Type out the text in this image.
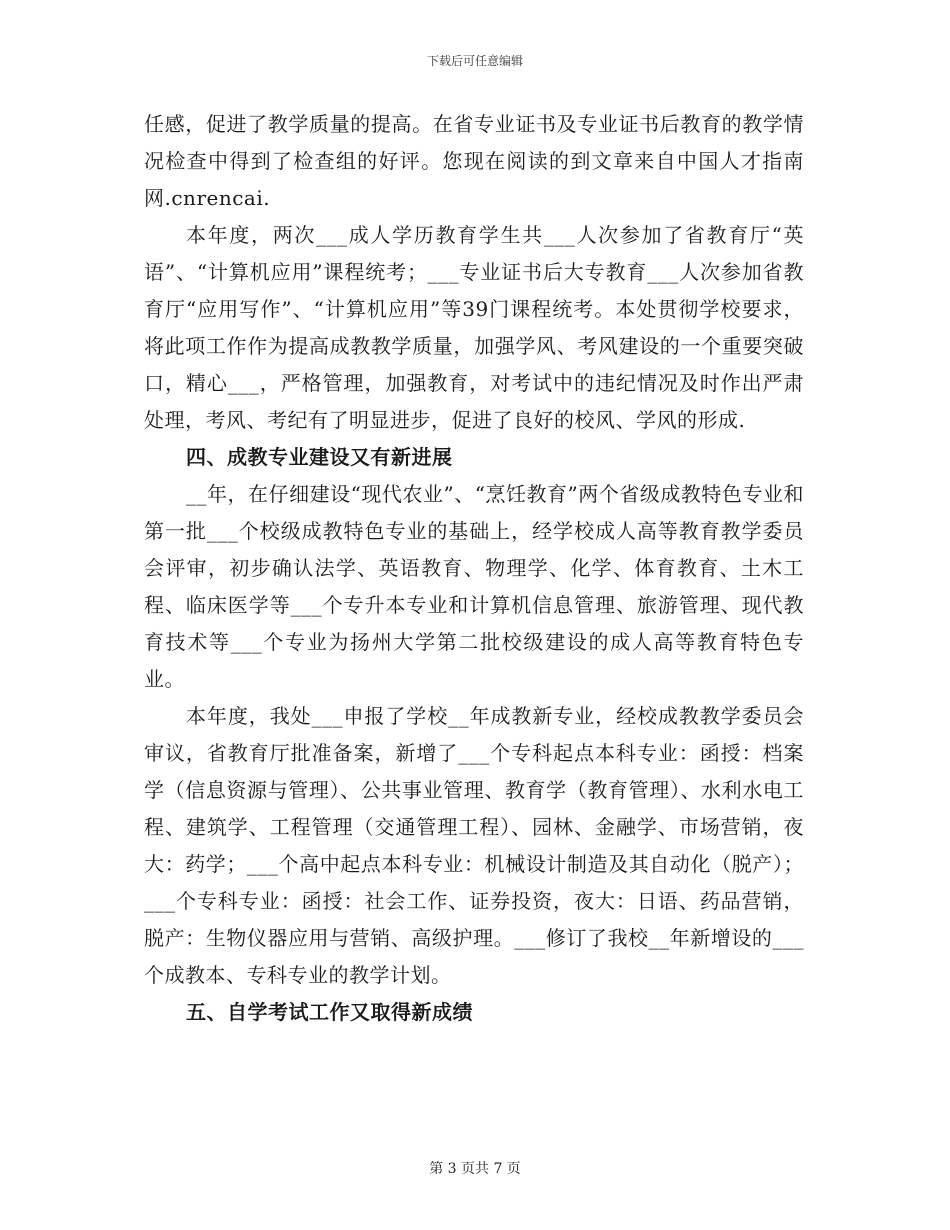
下载后可任意编辑

任感，促进了教学质量的提高。在省专业证书及专业证书后教育的教学情况检查中得到了检查组的好评。您现在阅读的到文章来自中国人才指南网.cnrencai.

本年度，两次___成人学历教育学生共___人次参加了省教育厅“英语”、“计算机应用”课程统考；___专业证书后大专教育___人次参加省教育厅“应用写作”、“计算机应用”等39门课程统考。本处贯彻学校要求，将此项工作作为提高成教教学质量，加强学风、考风建设的一个重要突破口，精心___，严格管理，加强教育，对考试中的违纪情况及时作出严肃处理，考风、考纪有了明显进步，促进了良好的校风、学风的形成.

四、成教专业建设又有新进展

__年，在仔细建设“现代农业”、“烹饪教育”两个省级成教特色专业和第一批___个校级成教特色专业的基础上，经学校成人高等教育教学委员会评审，初步确认法学、英语教育、物理学、化学、体育教育、土木工程、临床医学等___个专升本专业和计算机信息管理、旅游管理、现代教育技术等___个专业为扬州大学第二批校级建设的成人高等教育特色专业。

本年度，我处___申报了学校__年成教新专业，经校成教教学委员会审议，省教育厅批准备案，新增了___个专科起点本科专业：函授：档案学（信息资源与管理）、公共事业管理、教育学（教育管理）、水利水电工程、建筑学、工程管理（交通管理工程）、园林、金融学、市场营销，夜大：药学；___个高中起点本科专业：机械设计制造及其自动化（脱产）；___个专科专业：函授：社会工作、证券投资，夜大：日语、药品营销，脱产：生物仪器应用与营销、高级护理。___修订了我校__年新增设的___个成教本、专科专业的教学计划。

五、自学考试工作又取得新成绩

第 3 页共 7 页
